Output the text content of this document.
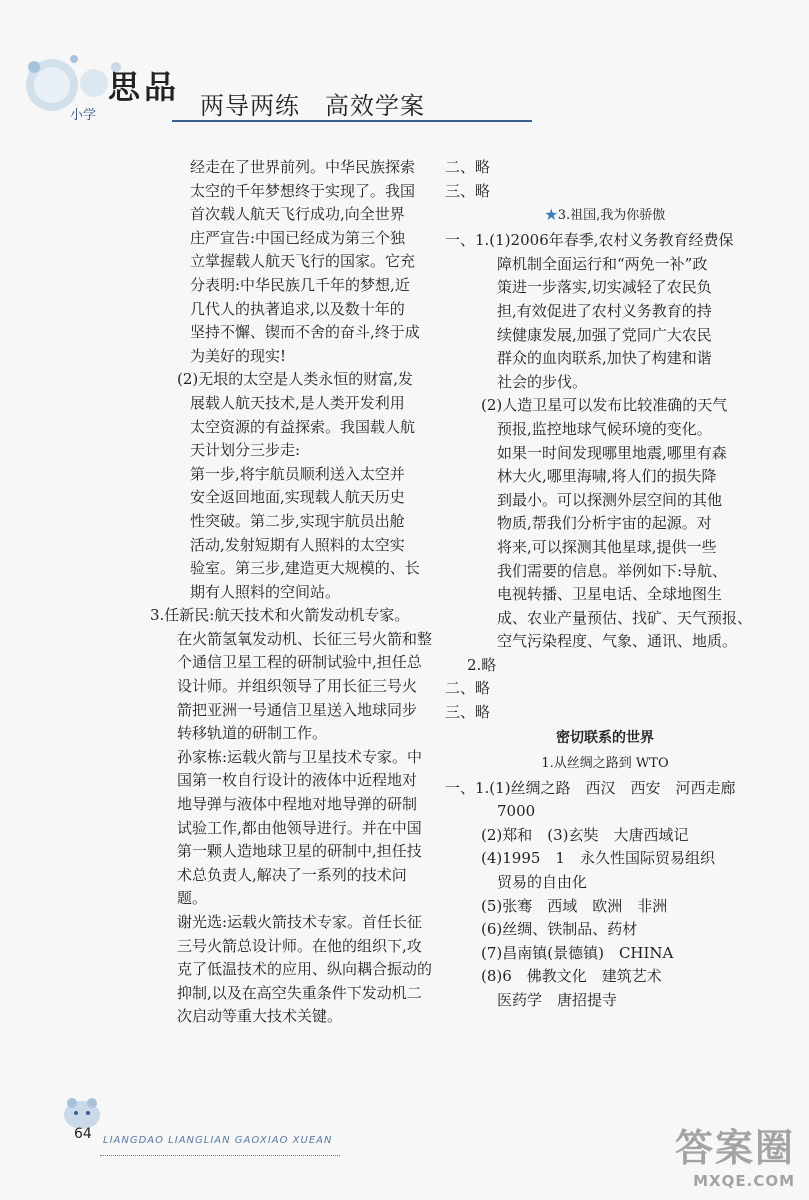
思品
小学	两导两练　高效学案
经走在了世界前列。中华民族探索
太空的千年梦想终于实现了。我国
首次载人航天飞行成功,向全世界
庄严宣告:中国已经成为第三个独
立掌握载人航天飞行的国家。它充
分表明:中华民族几千年的梦想,近
几代人的执著追求,以及数十年的
坚持不懈、锲而不舍的奋斗,终于成
为美好的现实!
(2)无垠的太空是人类永恒的财富,发
展载人航天技术,是人类开发利用
太空资源的有益探索。我国载人航
天计划分三步走:
第一步,将宇航员顺利送入太空并
安全返回地面,实现载人航天历史
性突破。第二步,实现宇航员出舱
活动,发射短期有人照料的太空实
验室。第三步,建造更大规模的、长
期有人照料的空间站。
3.任新民:航天技术和火箭发动机专家。
在火箭氢氧发动机、长征三号火箭和整
个通信卫星工程的研制试验中,担任总
设计师。并组织领导了用长征三号火
箭把亚洲一号通信卫星送入地球同步
转移轨道的研制工作。
孙家栋:运载火箭与卫星技术专家。中
国第一枚自行设计的液体中近程地对
地导弹与液体中程地对地导弹的研制
试验工作,都由他领导进行。并在中国
第一颗人造地球卫星的研制中,担任技
术总负责人,解决了一系列的技术问
题。
谢光选:运载火箭技术专家。首任长征
三号火箭总设计师。在他的组织下,攻
克了低温技术的应用、纵向耦合振动的
抑制,以及在高空失重条件下发动机二
次启动等重大技术关键。
二、略
三、略
★3.祖国,我为你骄傲
一、1.(1)2006年春季,农村义务教育经费保
障机制全面运行和“两免一补”政
策进一步落实,切实减轻了农民负
担,有效促进了农村义务教育的持
续健康发展,加强了党同广大农民
群众的血肉联系,加快了构建和谐
社会的步伐。
(2)人造卫星可以发布比较准确的天气
预报,监控地球气候环境的变化。
如果一时间发现哪里地震,哪里有森
林大火,哪里海啸,将人们的损失降
到最小。可以探测外层空间的其他
物质,帮我们分析宇宙的起源。对
将来,可以探测其他星球,提供一些
我们需要的信息。举例如下:导航、
电视转播、卫星电话、全球地图生
成、农业产量预估、找矿、天气预报、
空气污染程度、气象、通讯、地质。
2.略
二、略
三、略
密切联系的世界
1.从丝绸之路到 WTO
一、1.(1)丝绸之路　西汉　西安　河西走廊
7000
(2)郑和　(3)玄奘　大唐西域记
(4)1995　1　永久性国际贸易组织
贸易的自由化
(5)张骞　西域　欧洲　非洲
(6)丝绸、铁制品、药材
(7)昌南镇(景德镇)　CHINA
(8)6　佛教文化　建筑艺术
医药学　唐招提寺
64 LIANGDAO LIANGLIAN GAOXIAO XUEAN	答案圈
MXQE.COM
